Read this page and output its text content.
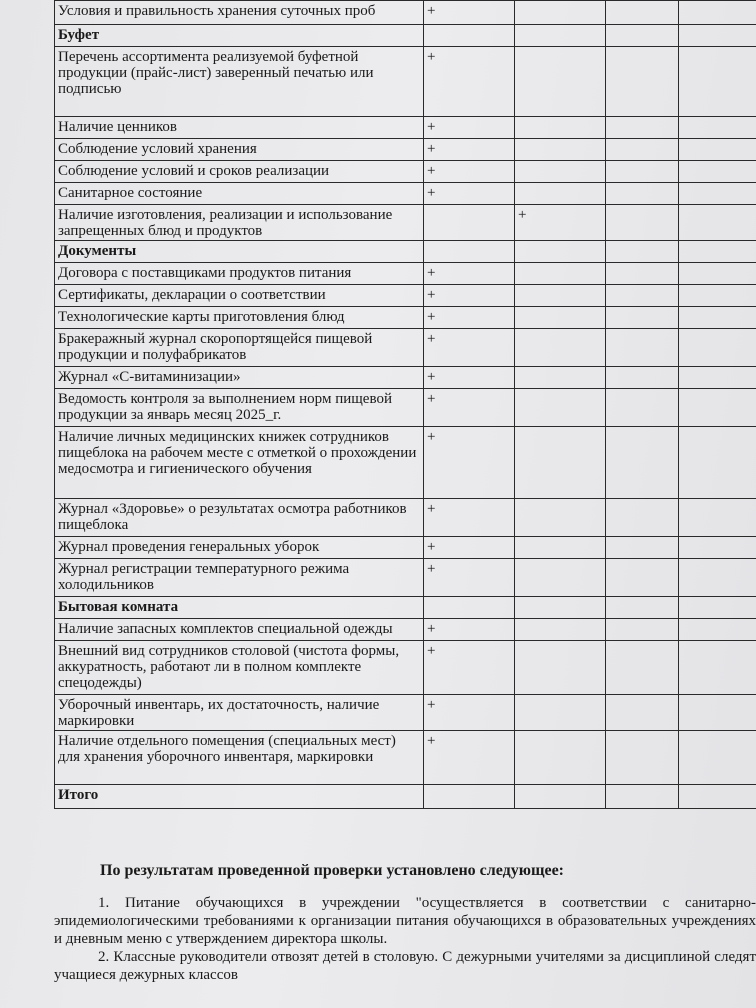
Условия и правильность хранения суточных проб	+			
Буфет				
Перечень ассортимента реализуемой буфетной продукции (прайс-лист) заверенный печатью или подписью	+			
Наличие ценников	+			
Соблюдение условий хранения	+			
Соблюдение условий и сроков реализации	+			
Санитарное состояние	+			
Наличие изготовления, реализации и использование запрещенных блюд и продуктов		+		
Документы				
Договора с поставщиками продуктов питания	+			
Сертификаты, декларации о соответствии	+			
Технологические карты приготовления блюд	+			
Бракеражный журнал скоропортящейся пищевой продукции и полуфабрикатов	+			
Журнал «С-витаминизации»	+			
Ведомость контроля за выполнением норм пищевой продукции за январь месяц 2025_г.	+			
Наличие личных медицинских книжек сотрудников пищеблока на рабочем месте с отметкой о прохождении медосмотра и гигиенического обучения	+			
Журнал «Здоровье» о результатах осмотра работников пищеблока	+			
Журнал проведения генеральных уборок	+			
Журнал регистрации температурного режима холодильников	+			
Бытовая комната				
Наличие запасных комплектов специальной одежды	+			
Внешний вид сотрудников столовой (чистота формы, аккуратность, работают ли в полном комплекте спецодежды)	+			
Уборочный инвентарь, их достаточность, наличие маркировки	+			
Наличие отдельного помещения (специальных мест) для хранения уборочного инвентаря, маркировки	+			
Итого				
По результатам проведенной проверки установлено следующее:

1. Питание обучающихся в учреждении "осуществляется в соответствии с санитарно-эпидемиологическими требованиями к организации питания обучающихся в образовательных учреждениях и дневным меню с утверждением директора школы.

2. Классные руководители отвозят детей в столовую. С дежурными учителями за дисциплиной следят учащиеся дежурных классов
